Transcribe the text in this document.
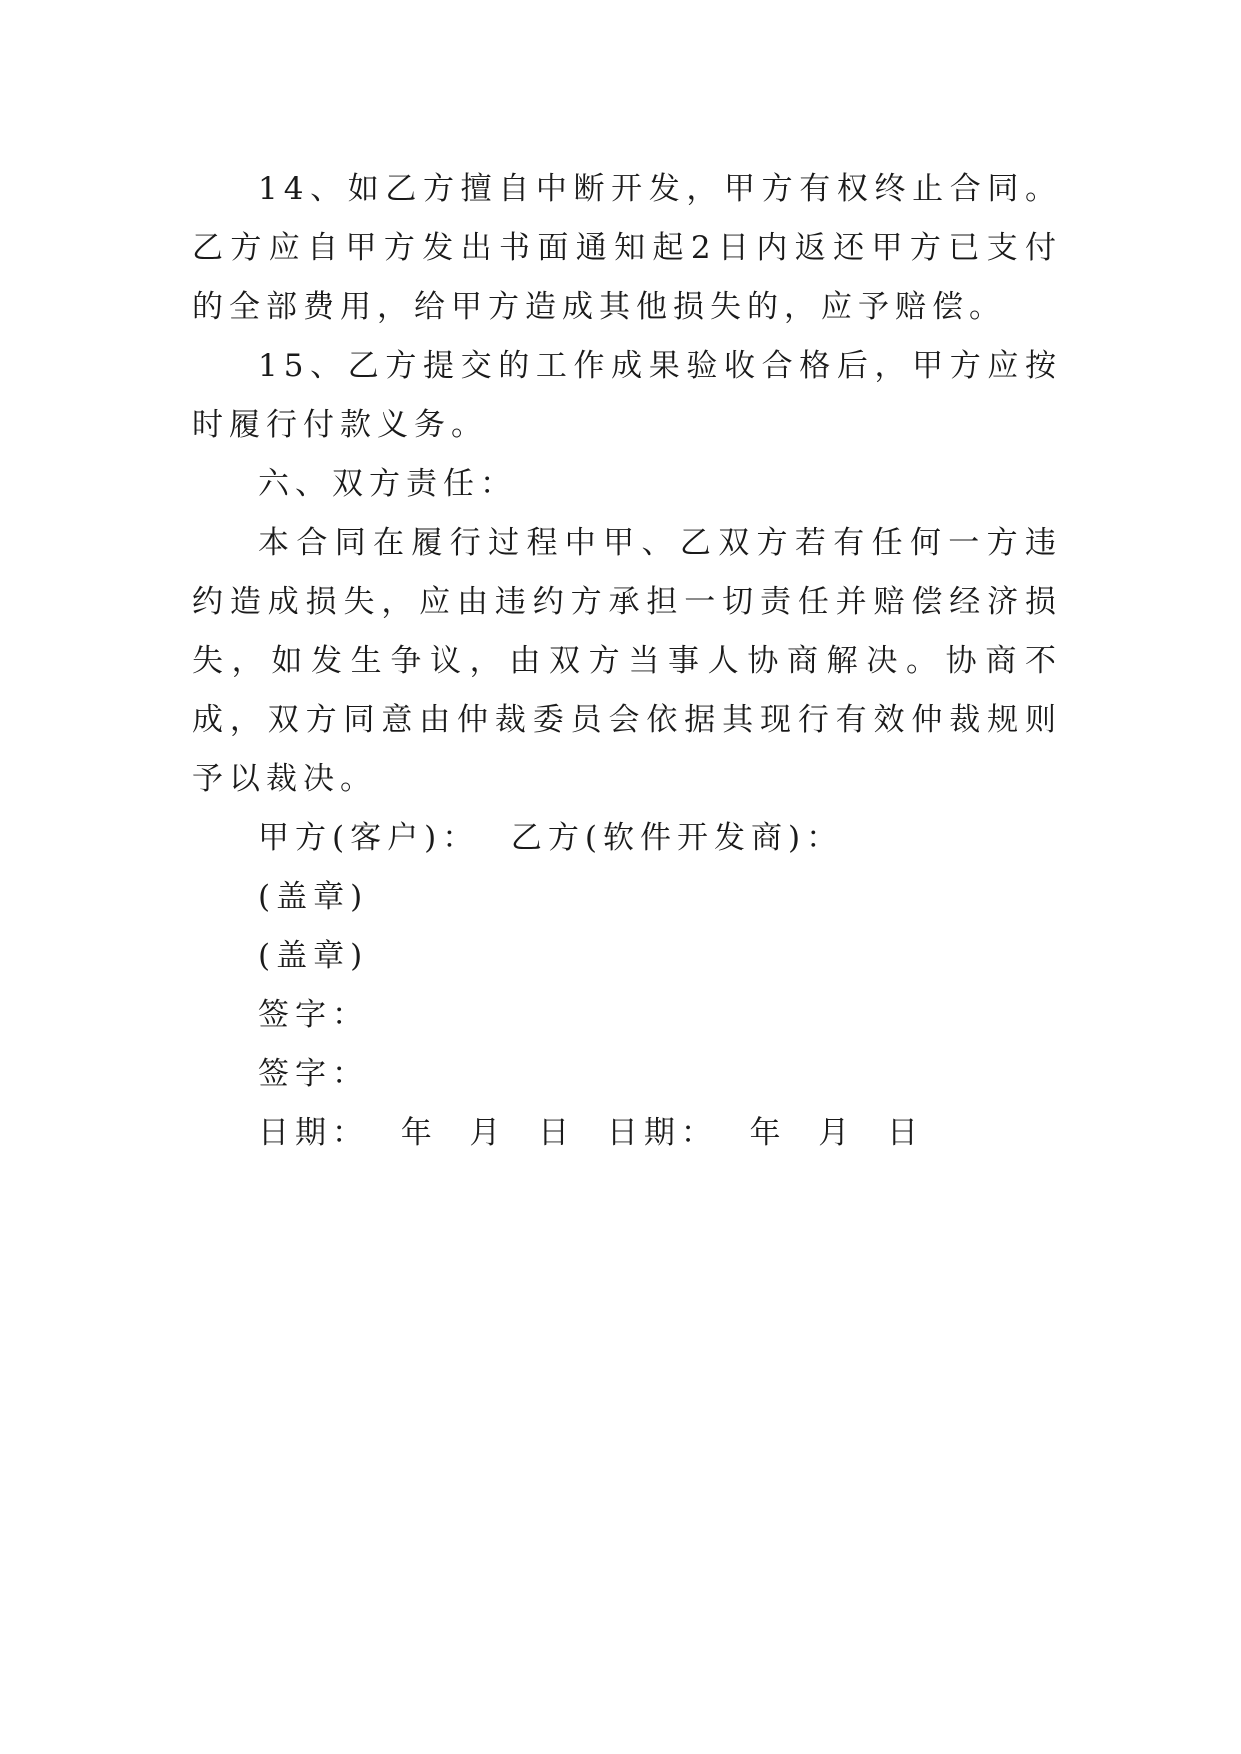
14、如乙方擅自中断开发，甲方有权终止合同。乙方应自甲方发出书面通知起2日内返还甲方已支付的全部费用，给甲方造成其他损失的，应予赔偿。

15、乙方提交的工作成果验收合格后，甲方应按时履行付款义务。

六、双方责任：

本合同在履行过程中甲、乙双方若有任何一方违约造成损失，应由违约方承担一切责任并赔偿经济损失，如发生争议，由双方当事人协商解决。协商不成，双方同意由仲裁委员会依据其现行有效仲裁规则予以裁决。

甲方(客户)：  乙方(软件开发商)：

(盖章)

(盖章)

签字：

签字：

日期：  年  月  日  日期：  年  月  日
